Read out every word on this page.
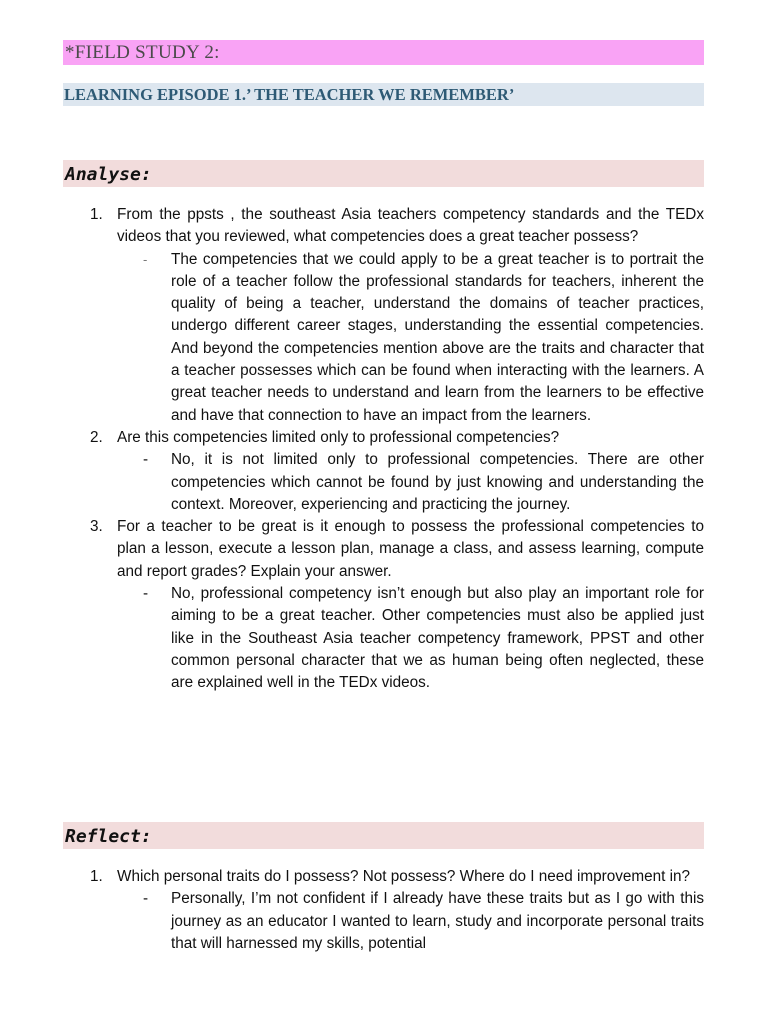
*FIELD STUDY 2:
LEARNING EPISODE 1.’ THE TEACHER WE REMEMBER’
Analyse:
1. From the ppsts , the southeast Asia teachers competency standards and the TEDx videos that you reviewed, what competencies does a great teacher possess?
- The competencies that we could apply to be a great teacher is to portrait the role of a teacher follow the professional standards for teachers, inherent the quality of being a teacher, understand the domains of teacher practices, undergo different career stages, understanding the essential competencies. And beyond the competencies mention above are the traits and character that a teacher possesses which can be found when interacting with the learners. A great teacher needs to understand and learn from the learners to be effective and have that connection to have an impact from the learners.
2. Are this competencies limited only to professional competencies?
- No, it is not limited only to professional competencies. There are other competencies which cannot be found by just knowing and understanding the context. Moreover, experiencing and practicing the journey.
3. For a teacher to be great is it enough to possess the professional competencies to plan a lesson, execute a lesson plan, manage a class, and assess learning, compute and report grades? Explain your answer.
- No, professional competency isn’t enough but also play an important role for aiming to be a great teacher. Other competencies must also be applied just like in the Southeast Asia teacher competency framework, PPST and other common personal character that we as human being often neglected, these are explained well in the TEDx videos.
Reflect:
1. Which personal traits do I possess? Not possess? Where do I need improvement in?
- Personally, I’m not confident if I already have these traits but as I go with this journey as an educator I wanted to learn, study and incorporate personal traits that will harnessed my skills, potential
